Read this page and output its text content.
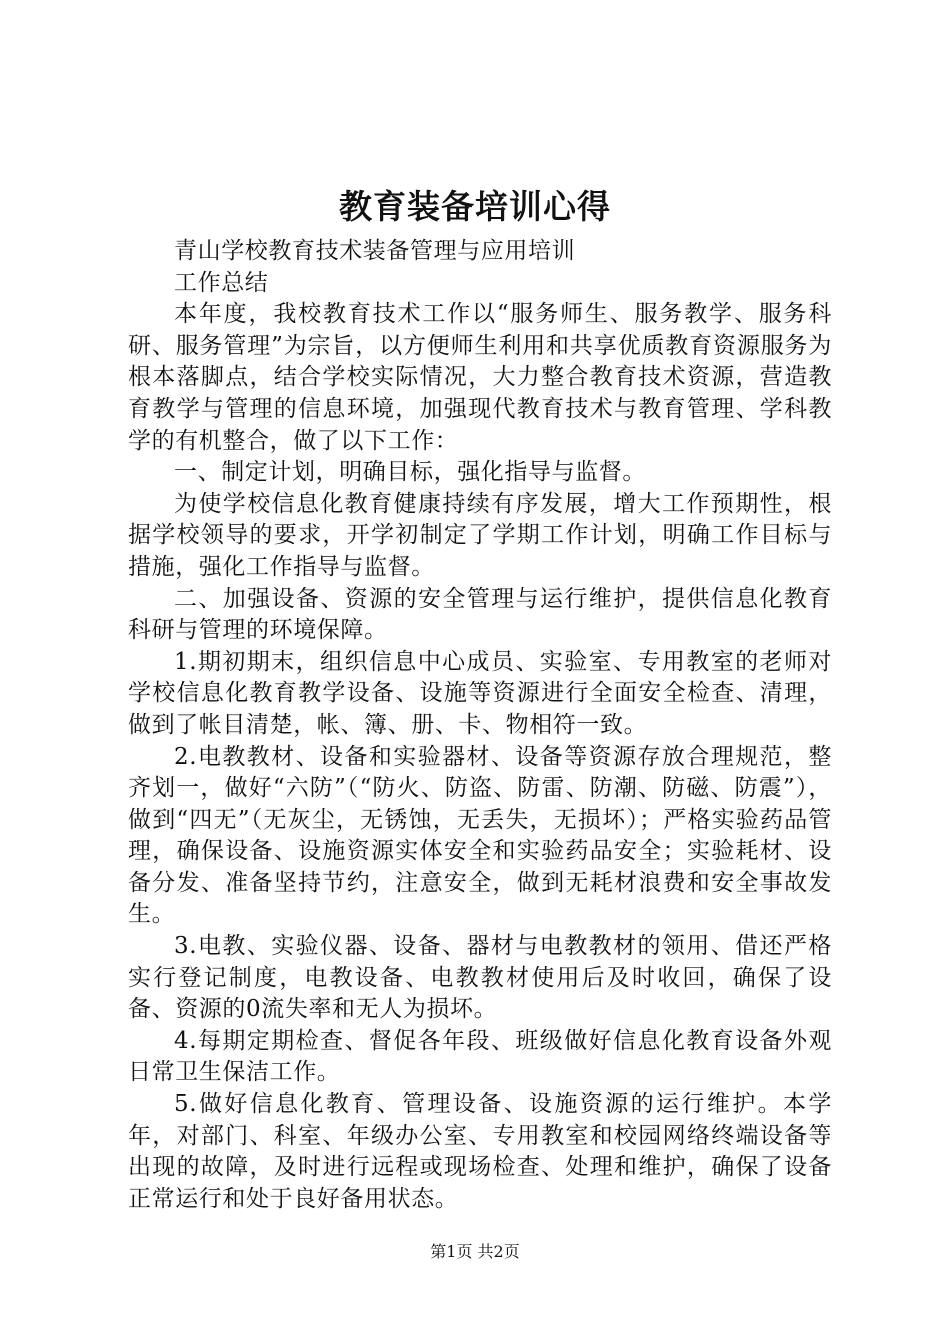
教育装备培训心得

青山学校教育技术装备管理与应用培训

工作总结

本年度，我校教育技术工作以“服务师生、服务教学、服务科研、服务管理”为宗旨，以方便师生利用和共享优质教育资源服务为根本落脚点，结合学校实际情况，大力整合教育技术资源，营造教育教学与管理的信息环境，加强现代教育技术与教育管理、学科教学的有机整合，做了以下工作：

一、制定计划，明确目标，强化指导与监督。

为使学校信息化教育健康持续有序发展，增大工作预期性，根据学校领导的要求，开学初制定了学期工作计划，明确工作目标与措施，强化工作指导与监督。

二、加强设备、资源的安全管理与运行维护，提供信息化教育科研与管理的环境保障。

1.期初期末，组织信息中心成员、实验室、专用教室的老师对学校信息化教育教学设备、设施等资源进行全面安全检查、清理，做到了帐目清楚，帐、簿、册、卡、物相符一致。

2.电教教材、设备和实验器材、设备等资源存放合理规范，整齐划一，做好“六防”（“防火、防盗、防雷、防潮、防磁、防震”），做到“四无”（无灰尘，无锈蚀，无丢失，无损坏）；严格实验药品管理，确保设备、设施资源实体安全和实验药品安全；实验耗材、设备分发、准备坚持节约，注意安全，做到无耗材浪费和安全事故发生。

3.电教、实验仪器、设备、器材与电教教材的领用、借还严格实行登记制度，电教设备、电教教材使用后及时收回，确保了设备、资源的0流失率和无人为损坏。

4.每期定期检查、督促各年段、班级做好信息化教育设备外观日常卫生保洁工作。

5.做好信息化教育、管理设备、设施资源的运行维护。本学年，对部门、科室、年级办公室、专用教室和校园网络终端设备等出现的故障，及时进行远程或现场检查、处理和维护，确保了设备正常运行和处于良好备用状态。

第1页 共2页
